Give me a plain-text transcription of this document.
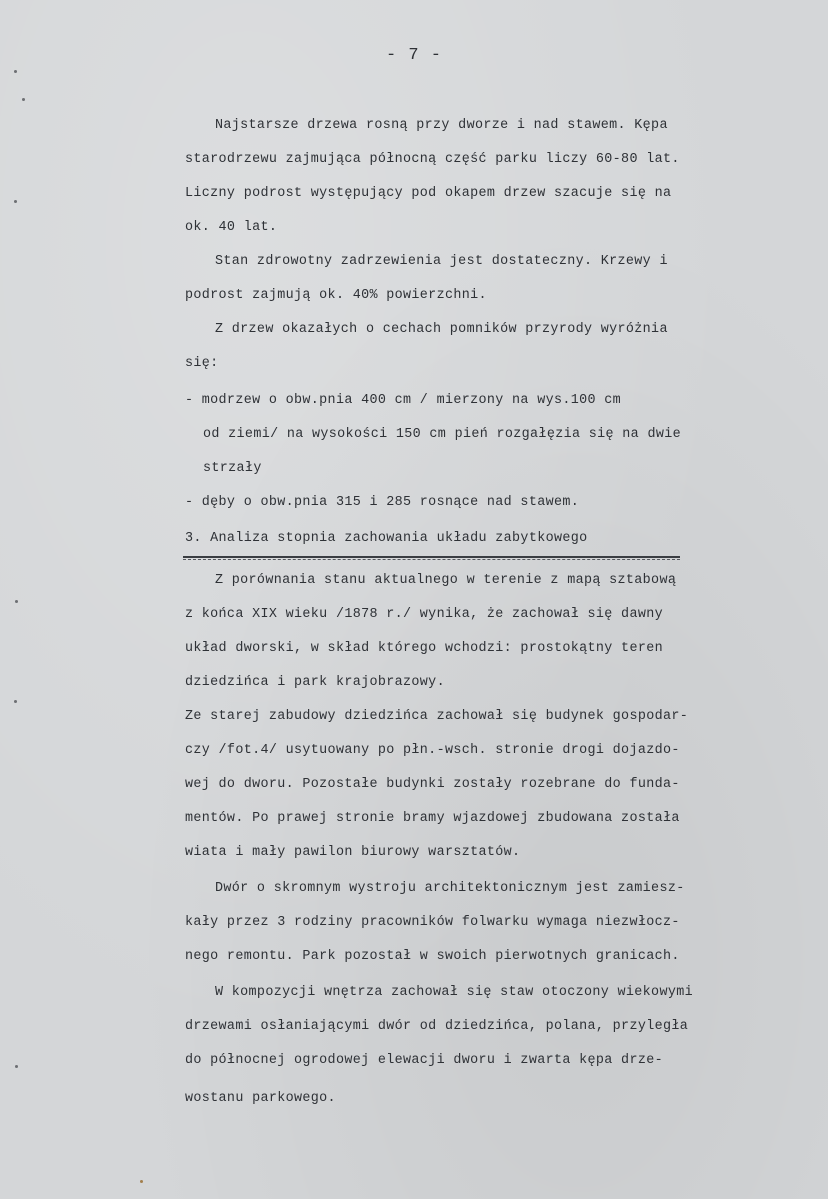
- 7 -
Najstarsze drzewa rosną przy dworze i nad stawem. Kępa
starodrzewu zajmująca północną część parku liczy 60-80 lat.
Liczny podrost występujący pod okapem drzew szacuje się na
ok. 40 lat.
Stan zdrowotny zadrzewienia jest dostateczny. Krzewy i
podrost zajmują ok. 40% powierzchni.
Z drzew okazałych o cechach pomników przyrody wyróżnia
się:
- modrzew o obw.pnia 400 cm / mierzony na wys.100 cm
od ziemi/ na wysokości 150 cm pień rozgałęzia się na dwie
strzały
- dęby o obw.pnia 315 i 285 rosnące nad stawem.
3. Analiza stopnia zachowania układu zabytkowego
Z porównania stanu aktualnego w terenie z mapą sztabową
z końca XIX wieku /1878 r./ wynika, że zachował się dawny
układ dworski, w skład którego wchodzi: prostokątny teren
dziedzińca i park krajobrazowy.
Ze starej zabudowy dziedzińca zachował się budynek gospodar-
czy /fot.4/ usytuowany po płn.-wsch. stronie drogi dojazdo-
wej do dworu. Pozostałe budynki zostały rozebrane do funda-
mentów. Po prawej stronie bramy wjazdowej zbudowana została
wiata i mały pawilon biurowy warsztatów.
Dwór o skromnym wystroju architektonicznym jest zamiesz-
kały przez 3 rodziny pracowników folwarku wymaga niezwłocz-
nego remontu. Park pozostał w swoich pierwotnych granicach.
W kompozycji wnętrza zachował się staw otoczony wiekowymi
drzewami osłaniającymi dwór od dziedzińca, polana, przyległa
do północnej ogrodowej elewacji dworu i zwarta kępa drze-
wostanu parkowego.
